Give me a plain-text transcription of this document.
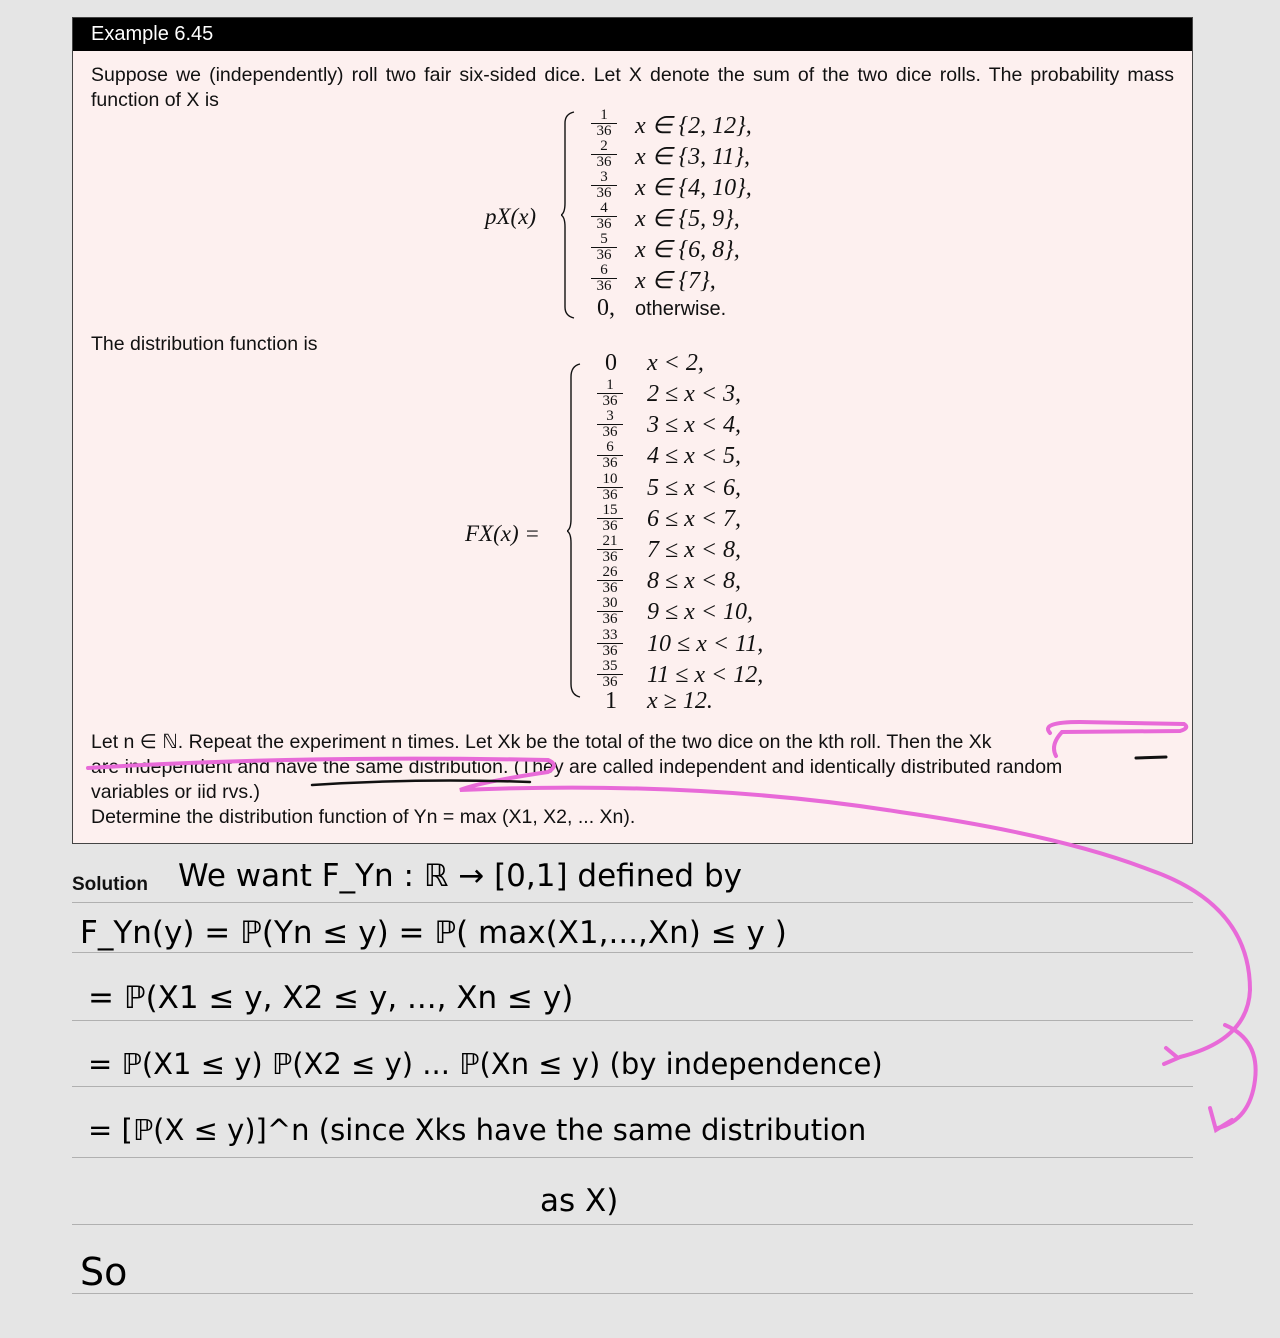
Example 6.45
Suppose we (independently) roll two fair six-sided dice. Let X denote the sum of the two dice rolls. The probability mass function of X is
pX(x)
$\frac{1}{36}$ x ∈ {2, 12},
$\frac{2}{36}$ x ∈ {3, 11},
$\frac{3}{36}$ x ∈ {4, 10},
$\frac{4}{36}$ x ∈ {5, 9},
$\frac{5}{36}$ x ∈ {6, 8},
$\frac{6}{36}$ x ∈ {7},
0, otherwise.
The distribution function is
FX(x) =
0 x < 2,
$\frac{1}{36} 2 \le x < 3$,
$\frac{3}{36} 3 \le x < 4$,
$\frac{6}{36} 4 \le x < 5$,
$\frac{10}{36} 5 \le x < 6$,
$\frac{15}{36} 6 \le x < 7$,
$\frac{21}{36} 7 \le x < 8$,
$\frac{26}{36} 8 \le x < 8$,
$\frac{30}{36} 9 \le x < 10$,
$\frac{33}{36} 10 \le x < 11$,
$\frac{35}{36} 11 \le x < 12$,
1 x ≥ 12.
Let n ∈ ℕ. Repeat the experiment n times. Let Xk be the total of the two dice on the kth roll. Then the Xk
are independent and have the same distribution. (They are called independent and identically distributed random
variables or iid rvs.)
Determine the distribution function of Yn = max (X1, X2, ... Xn).
Solution We want F_Yn : ℝ → [0,1] defined by
F_Yn(y) = ℙ(Yn ≤ y) = ℙ( max(X1,...,Xn) ≤ y )
= ℙ(X1 ≤ y, X2 ≤ y, ..., Xn ≤ y)
= ℙ(X1 ≤ y) ℙ(X2 ≤ y) ... ℙ(Xn ≤ y) (by independence)
= [ℙ(X ≤ y)]^n (since Xks have the same distribution
as X)
So
